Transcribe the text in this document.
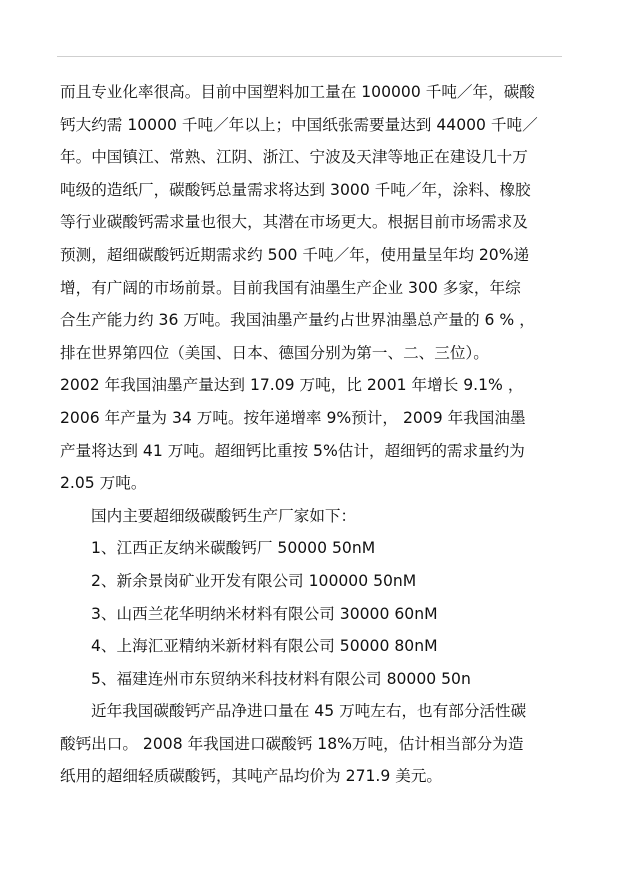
而且专业化率很高。目前中国塑料加工量在 100000 千吨／年，碳酸
钙大约需 10000 千吨／年以上；中国纸张需要量达到 44000 千吨／
年。中国镇江、常熟、江阴、浙江、宁波及天津等地正在建设几十万
吨级的造纸厂，碳酸钙总量需求将达到 3000 千吨／年，涂料、橡胶
等行业碳酸钙需求量也很大，其潜在市场更大。根据目前市场需求及
预测，超细碳酸钙近期需求约 500 千吨／年，使用量呈年均 20%递
增，有广阔的市场前景。目前我国有油墨生产企业 300 多家，年综
合生产能力约 36 万吨。我国油墨产量约占世界油墨总产量的 6 % ，
排在世界第四位（美国、日本、德国分别为第一、二、三位）。
2002 年我国油墨产量达到 17.09 万吨，比 2001 年增长 9.1% ，
2006 年产量为 34 万吨。按年递增率 9%预计， 2009 年我国油墨
产量将达到 41 万吨。超细钙比重按 5%估计，超细钙的需求量约为
2.05 万吨。
国内主要超细级碳酸钙生产厂家如下：
1、江西正友纳米碳酸钙厂 50000 50nM
2、新余景岗矿业开发有限公司 100000 50nM
3、山西兰花华明纳米材料有限公司 30000 60nM
4、上海汇亚精纳米新材料有限公司 50000 80nM
5、福建连州市东贸纳米科技材料有限公司 80000 50n
近年我国碳酸钙产品净进口量在 45 万吨左右，也有部分活性碳
酸钙出口。 2008 年我国进口碳酸钙 18%万吨，估计相当部分为造
纸用的超细轻质碳酸钙，其吨产品均价为 271.9 美元。
